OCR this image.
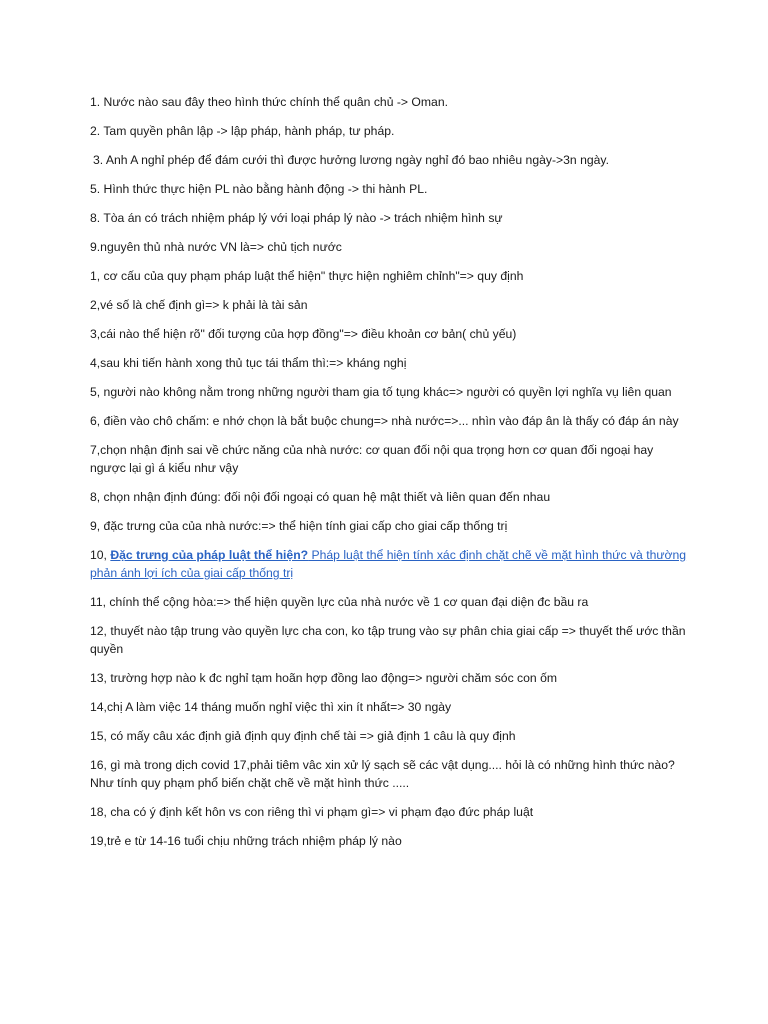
1. Nước nào sau đây theo hình thức chính thể quân chủ -> Oman.

2. Tam quyền phân lập -> lập pháp, hành pháp, tư pháp.

3. Anh A nghỉ phép để đám cưới thì được hưởng lương ngày nghỉ đó bao nhiêu ngày->3n ngày.

5. Hình thức thực hiện PL nào bằng hành động -> thi hành PL.

8. Tòa án có trách nhiệm pháp lý với loại pháp lý nào -> trách nhiệm hình sự

9.nguyên thủ nhà nước VN là=> chủ tịch nước

1, cơ cấu của quy phạm pháp luật thể hiện" thực hiện nghiêm chỉnh"=> quy định

2,vé số là chế định gì=> k phải là tài sản

3,cái nào thể hiện rõ" đối tượng của hợp đồng"=> điều khoản cơ bản( chủ yếu)

4,sau khi tiến hành xong thủ tục tái thẩm thì:=> kháng nghị

5, người nào không nằm trong những người tham gia tố tụng khác=> người có quyền lợi nghĩa vụ liên quan

6, điền vào chô chấm: e nhớ chọn là bắt buộc chung=> nhà nước=>... nhìn vào đáp ân là thấy có đáp án này

7,chọn nhận định sai về chức năng của nhà nước: cơ quan đối nội qua trọng hơn cơ quan đối ngoại hay ngược lại gì á kiểu như vậy

8, chọn nhận định đúng: đối nội đối ngoại có quan hệ mật thiết và liên quan đến nhau

9, đặc trưng của của nhà nước:=> thể hiện tính giai cấp cho giai cấp thống trị

10, Đặc trưng của pháp luật thể hiện? Pháp luật thể hiện tính xác định chặt chẽ về mặt hình thức và thường phản ánh lợi ích của giai cấp thống trị

11, chính thể cộng hòa:=> thể hiện quyền lực của nhà nước về 1 cơ quan đại diện đc bầu ra

12, thuyết nào tập trung vào quyền lực cha con, ko tập trung vào sự phân chia giai cấp => thuyết thế ước thần quyền

13, trường hợp nào k đc nghỉ tạm hoãn hợp đồng lao động=> người chăm sóc con ốm

14,chị A làm việc 14 tháng muốn nghỉ việc thì xin ít nhất=> 30 ngày

15, có mấy câu xác định giả định quy định chế tài => giả định 1 câu là quy định

16, gì mà trong dịch covid 17,phải tiêm vâc xin xử lý sạch sẽ các vật dụng.... hỏi là có những hình thức nào? Như tính quy phạm phổ biến chặt chẽ về mặt hình thức .....

18, cha có ý định kết hôn vs con riêng thì vi phạm gì=> vi phạm đạo đức pháp luật

19,trẻ e từ 14-16 tuổi chịu những trách nhiệm pháp lý nào
